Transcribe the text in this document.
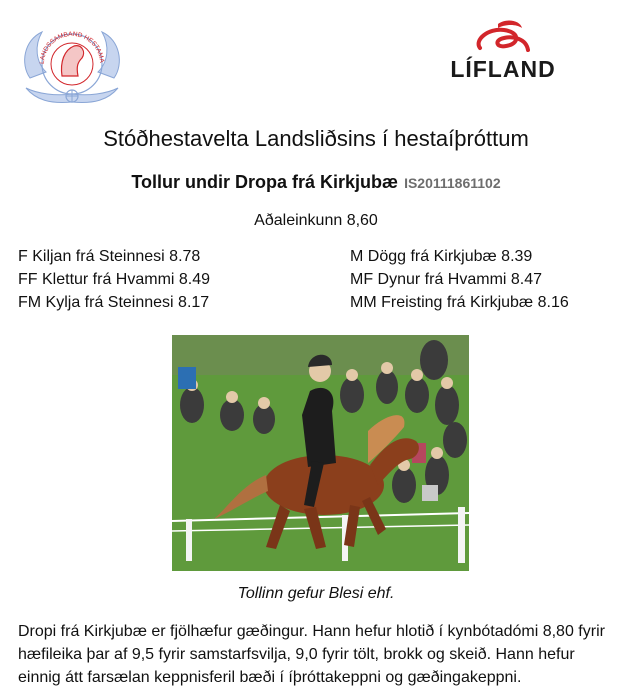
LANDSSAMBAND HESTAMA	LÍFLAND
Stóðhestavelta Landsliðsins í hestaíþróttum
Tollur undir Dropa frá Kirkjubæ IS20111861102
Aðaleinkunn 8,60
F Kiljan frá Steinnesi 8.78
FF Klettur frá Hvammi 8.49
FM Kylja frá Steinnesi 8.17
M Dögg frá Kirkjubæ 8.39
MF Dynur frá Hvammi 8.47
MM Freisting frá Kirkjubæ 8.16
Tollinn gefur Blesi ehf.
Dropi frá Kirkjubæ er fjölhæfur gæðingur. Hann hefur hlotið í kynbótadómi 8,80 fyrir hæfileika þar af 9,5 fyrir samstarfsvilja, 9,0 fyrir tölt, brokk og skeið. Hann hefur einnig átt farsælan keppnisferil bæði í íþróttakeppni og gæðingakeppni.
